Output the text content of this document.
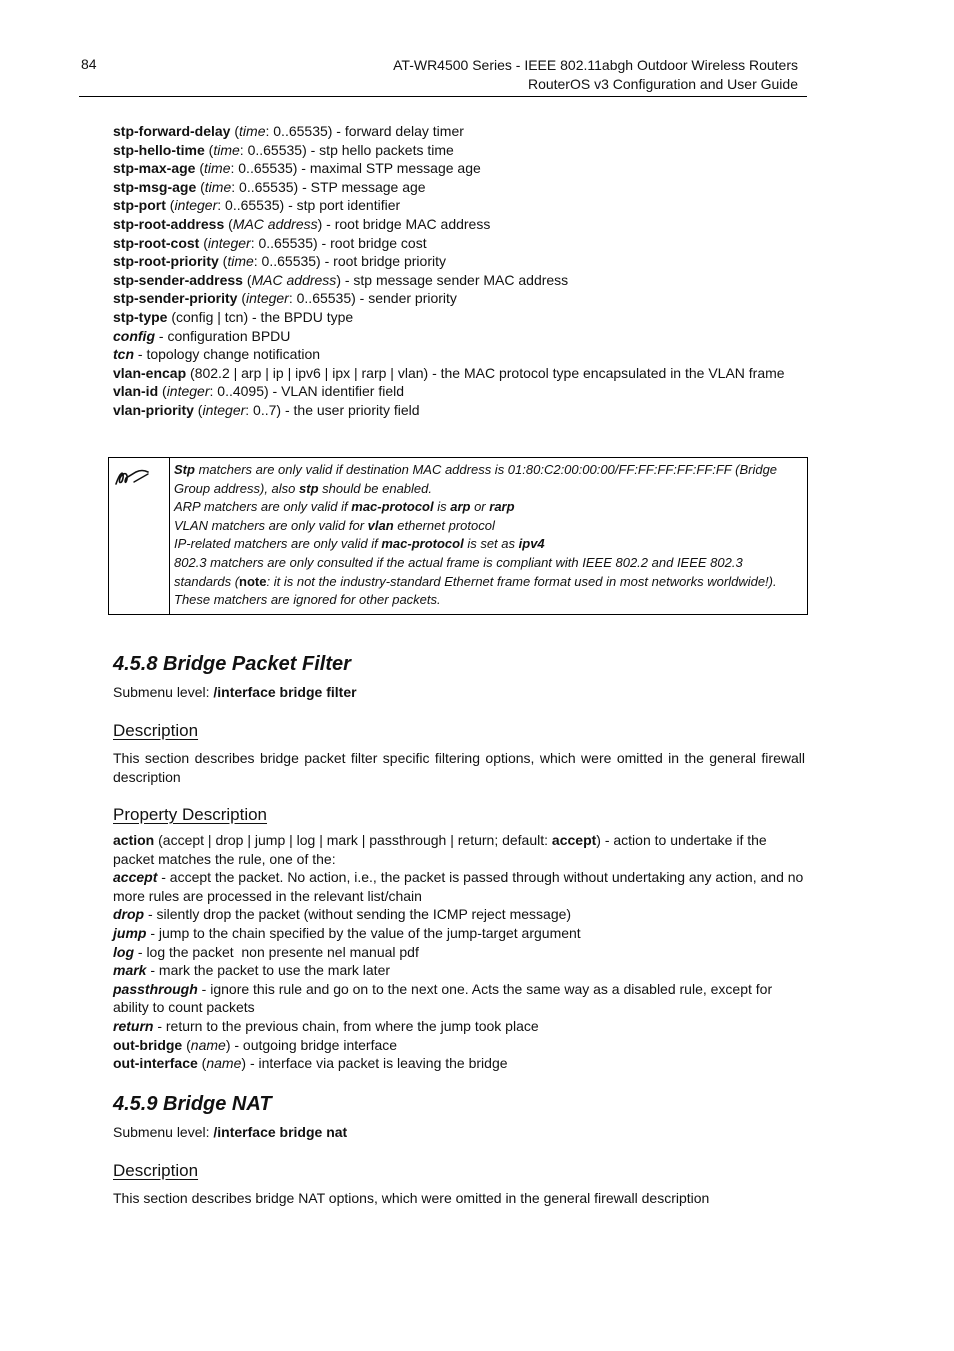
84	AT-WR4500 Series - IEEE 802.11abgh Outdoor Wireless Routers
RouterOS v3 Configuration and User Guide
stp-forward-delay (time: 0..65535) - forward delay timer
stp-hello-time (time: 0..65535) - stp hello packets time
stp-max-age (time: 0..65535) - maximal STP message age
stp-msg-age (time: 0..65535) - STP message age
stp-port (integer: 0..65535) - stp port identifier
stp-root-address (MAC address) - root bridge MAC address
stp-root-cost (integer: 0..65535) - root bridge cost
stp-root-priority (time: 0..65535) - root bridge priority
stp-sender-address (MAC address) - stp message sender MAC address
stp-sender-priority (integer: 0..65535) - sender priority
stp-type (config | tcn) - the BPDU type
config - configuration BPDU
tcn - topology change notification
vlan-encap (802.2 | arp | ip | ipv6 | ipx | rarp | vlan) - the MAC protocol type encapsulated in the VLAN frame
vlan-id (integer: 0..4095) - VLAN identifier field
vlan-priority (integer: 0..7) - the user priority field
Stp matchers are only valid if destination MAC address is 01:80:C2:00:00:00/FF:FF:FF:FF:FF:FF (Bridge Group address), also stp should be enabled.
ARP matchers are only valid if mac-protocol is arp or rarp
VLAN matchers are only valid for vlan ethernet protocol
IP-related matchers are only valid if mac-protocol is set as ipv4
802.3 matchers are only consulted if the actual frame is compliant with IEEE 802.2 and IEEE 802.3 standards (note: it is not the industry-standard Ethernet frame format used in most networks worldwide!). These matchers are ignored for other packets.
4.5.8 Bridge Packet Filter
Submenu level: /interface bridge filter
Description
This section describes bridge packet filter specific filtering options, which were omitted in the general firewall description
Property Description
action (accept | drop | jump | log | mark | passthrough | return; default: accept) - action to undertake if the packet matches the rule, one of the:
accept - accept the packet. No action, i.e., the packet is passed through without undertaking any action, and no more rules are processed in the relevant list/chain
drop - silently drop the packet (without sending the ICMP reject message)
jump - jump to the chain specified by the value of the jump-target argument
log - log the packet  non presente nel manual pdf
mark - mark the packet to use the mark later
passthrough - ignore this rule and go on to the next one. Acts the same way as a disabled rule, except for ability to count packets
return - return to the previous chain, from where the jump took place
out-bridge (name) - outgoing bridge interface
out-interface (name) - interface via packet is leaving the bridge
4.5.9 Bridge NAT
Submenu level: /interface bridge nat
Description
This section describes bridge NAT options, which were omitted in the general firewall description
